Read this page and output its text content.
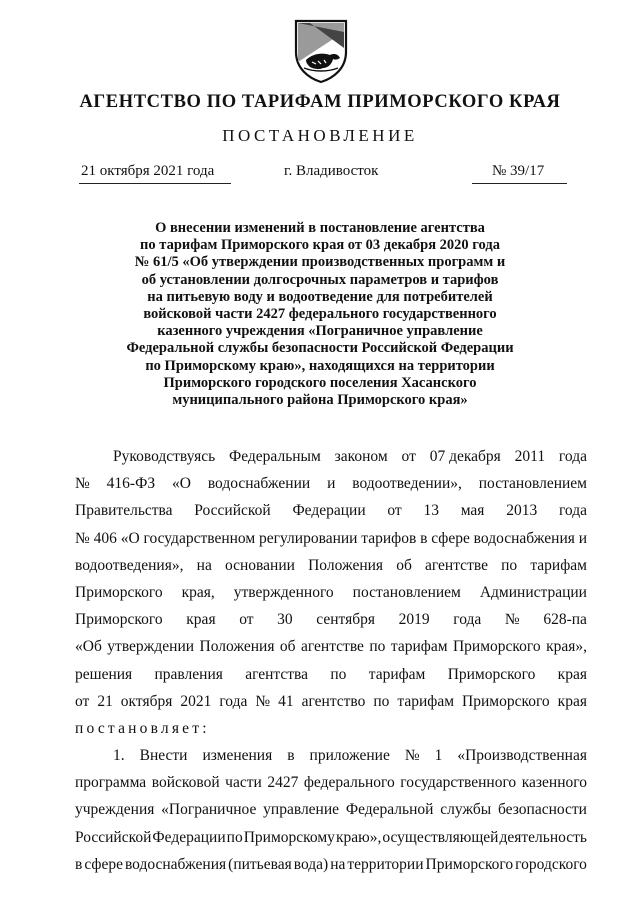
АГЕНТСТВО ПО ТАРИФАМ ПРИМОРСКОГО КРАЯ
ПОСТАНОВЛЕНИЕ
21 октября 2021 года	г. Владивосток	№ 39/17
О внесении изменений в постановление агентства
по тарифам Приморского края от 03 декабря 2020 года
№ 61/5 «Об утверждении производственных программ и
об установлении долгосрочных параметров и тарифов
на питьевую воду и водоотведение для потребителей
войсковой части 2427 федерального государственного
казенного учреждения «Пограничное управление
Федеральной службы безопасности Российской Федерации
по Приморскому краю», находящихся на территории
Приморского городского поселения Хасанского
муниципального района Приморского края»
Руководствуясь Федеральным законом от 07 декабря 2011 года
№ 416-ФЗ «О водоснабжении и водоотведении», постановлением
Правительства Российской Федерации от 13 мая 2013 года
№ 406 «О государственном регулировании тарифов в сфере водоснабжения и
водоотведения», на основании Положения об агентстве по тарифам
Приморского края, утвержденного постановлением Администрации
Приморского края от 30 сентября 2019 года № 628-па
«Об утверждении Положения об агентстве по тарифам Приморского края»,
решения правления агентства по тарифам Приморского края
от 21 октября 2021 года № 41 агентство по тарифам Приморского края
постановляет:
1. Внести изменения в приложение № 1 «Производственная
программа войсковой части 2427 федерального государственного казенного
учреждения «Пограничное управление Федеральной службы безопасности
Российской Федерации по Приморскому краю», осуществляющей деятельность
в сфере водоснабжения (питьевая вода) на территории Приморского городского
